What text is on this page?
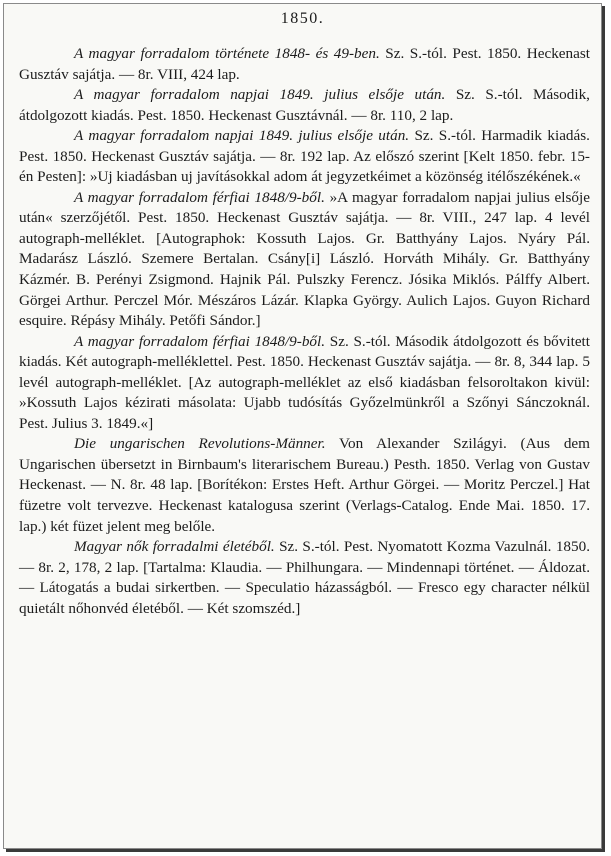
1850.

A magyar forradalom története 1848- és 49-ben. Sz. S.-tól. Pest. 1850. Heckenast Gusztáv sajátja. — 8r. VIII, 424 lap.

A magyar forradalom napjai 1849. julius elsője után. Sz. S.-tól. Második, átdolgozott kiadás. Pest. 1850. Heckenast Gusztávnál. — 8r. 110, 2 lap.

A magyar forradalom napjai 1849. julius elsője után. Sz. S.-tól. Harmadik kiadás. Pest. 1850. Heckenast Gusztáv sajátja. — 8r. 192 lap. Az előszó szerint [Kelt 1850. febr. 15-én Pesten]: »Uj kiadásban uj javításokkal adom át jegyzetkéimet a közönség itélőszékének.«

A magyar forradalom férfiai 1848/9-ből. »A magyar forradalom napjai julius elsője után« szerzőjétől. Pest. 1850. Heckenast Gusztáv sajátja. — 8r. VIII., 247 lap. 4 levél autograph-melléklet. [Autographok: Kossuth Lajos. Gr. Batthyány Lajos. Nyáry Pál. Madarász László. Szemere Bertalan. Csány[i] László. Horváth Mihály. Gr. Batthyány Kázmér. B. Perényi Zsigmond. Hajnik Pál. Pulszky Ferencz. Jósika Miklós. Pálffy Albert. Görgei Arthur. Perczel Mór. Mészáros Lázár. Klapka György. Aulich Lajos. Guyon Richard esquire. Répásy Mihály. Petőfi Sándor.]

A magyar forradalom férfiai 1848/9-ből. Sz. S.-tól. Második átdolgozott és bővitett kiadás. Két autograph-melléklettel. Pest. 1850. Heckenast Gusztáv sajátja. — 8r. 8, 344 lap. 5 levél autograph-melléklet. [Az autograph-melléklet az első kiadásban felsoroltakon kivül: »Kossuth Lajos kézirati másolata: Ujabb tudósítás Győzelmünkről a Szőnyi Sánczoknál. Pest. Julius 3. 1849.«]

Die ungarischen Revolutions-Männer. Von Alexander Szilágyi. (Aus dem Ungarischen übersetzt in Birnbaum's literarischem Bureau.) Pesth. 1850. Verlag von Gustav Heckenast. — N. 8r. 48 lap. [Borítékon: Erstes Heft. Arthur Görgei. — Moritz Perczel.] Hat füzetre volt tervezve. Heckenast katalogusa szerint (Verlags-Catalog. Ende Mai. 1850. 17. lap.) két füzet jelent meg belőle.

Magyar nők forradalmi életéből. Sz. S.-tól. Pest. Nyomatott Kozma Vazulnál. 1850. — 8r. 2, 178, 2 lap. [Tartalma: Klaudia. — Philhungara. — Mindennapi történet. — Áldozat. — Látogatás a budai sirkertben. — Speculatio házasságból. — Fresco egy character nélkül quietált nőhonvéd életéből. — Két szomszéd.]
